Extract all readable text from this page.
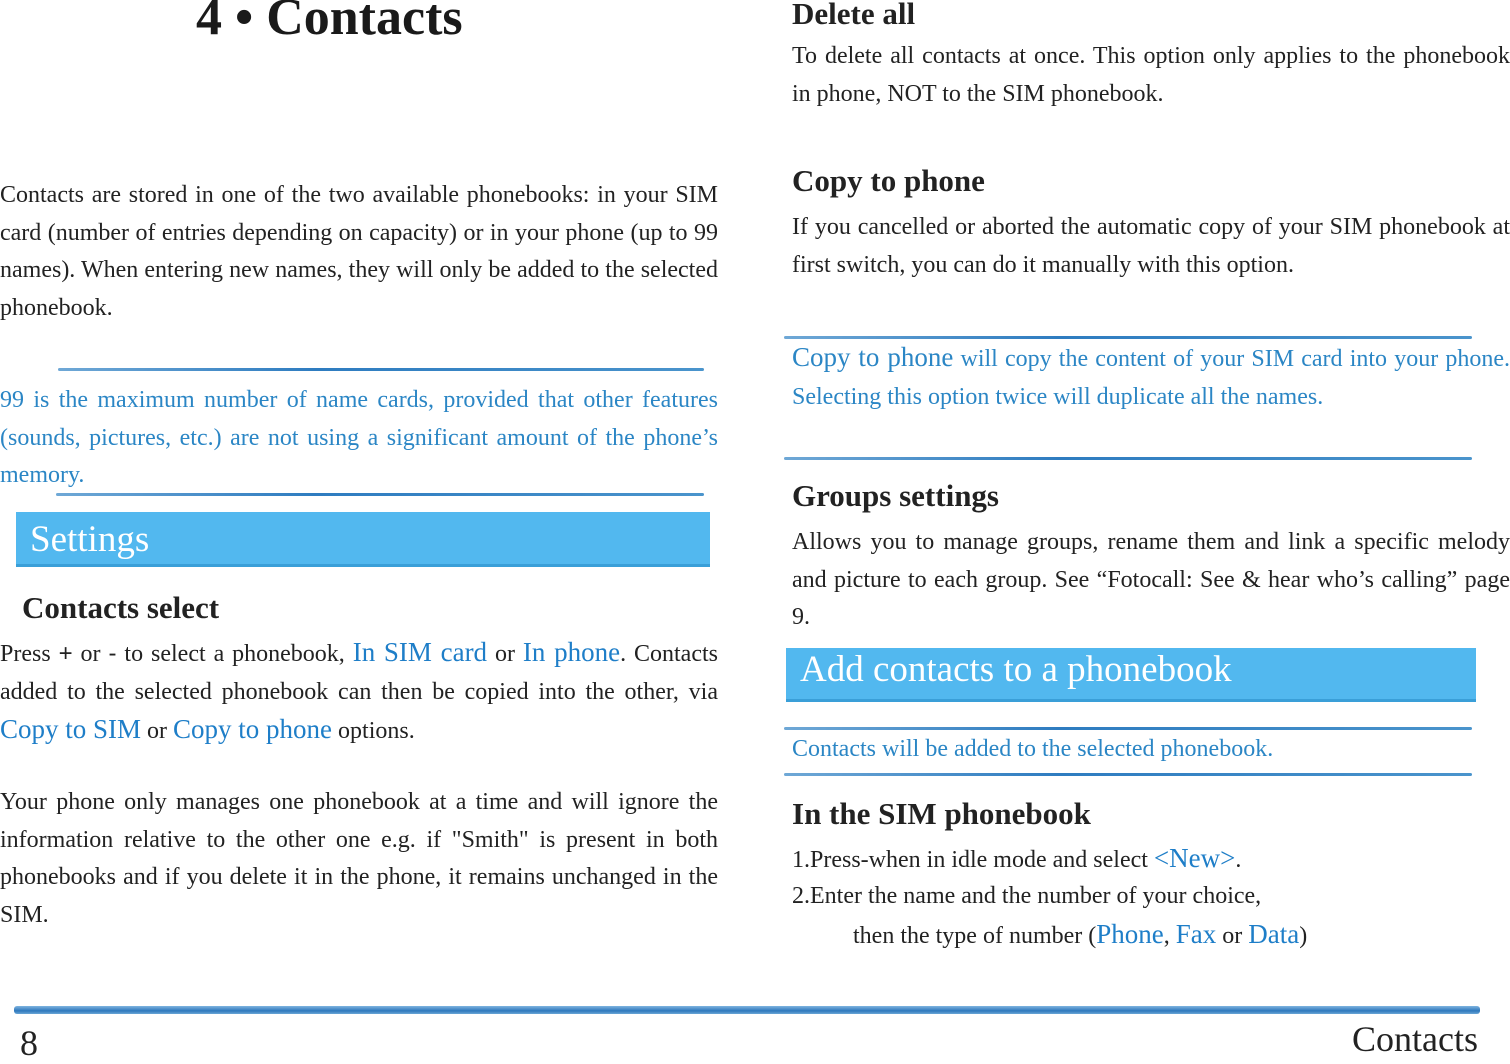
4 • Contacts

Contacts are stored in one of the two available phonebooks: in your SIM card (number of entries depending on capacity) or in your phone (up to 99 names). When entering new names, they will only be added to the selected phonebook.

99 is the maximum number of name cards, provided that other features (sounds, pictures, etc.) are not using a significant amount of the phone’s memory.

Settings
Contacts select

Press + or - to select a phonebook, In SIM card or In phone. Contacts added to the selected phonebook can then be copied into the other, via Copy to SIM or Copy to phone options.

Your phone only manages one phonebook at a time and will ignore the information relative to the other one e.g. if "Smith" is present in both phonebooks and if you delete it in the phone, it remains unchanged in the SIM.

Delete all

To delete all contacts at once. This option only applies to the phonebook in phone, NOT to the SIM phonebook.

Copy to phone

If you cancelled or aborted the automatic copy of your SIM phonebook at first switch, you can do it manually with this option.

Copy to phone will copy the content of your SIM card into your phone. Selecting this option twice will duplicate all the names.

Groups settings

Allows you to manage groups, rename them and link a specific melody and picture to each group. See “Fotocall: See & hear who’s calling” page 9.

Add contacts to a phonebook

Contacts will be added to the selected phonebook.

In the SIM phonebook

1.Press-when in idle mode and select <New>.

2.Enter the name and the number of your choice,

then the type of number (Phone, Fax or Data)

8	Contacts
